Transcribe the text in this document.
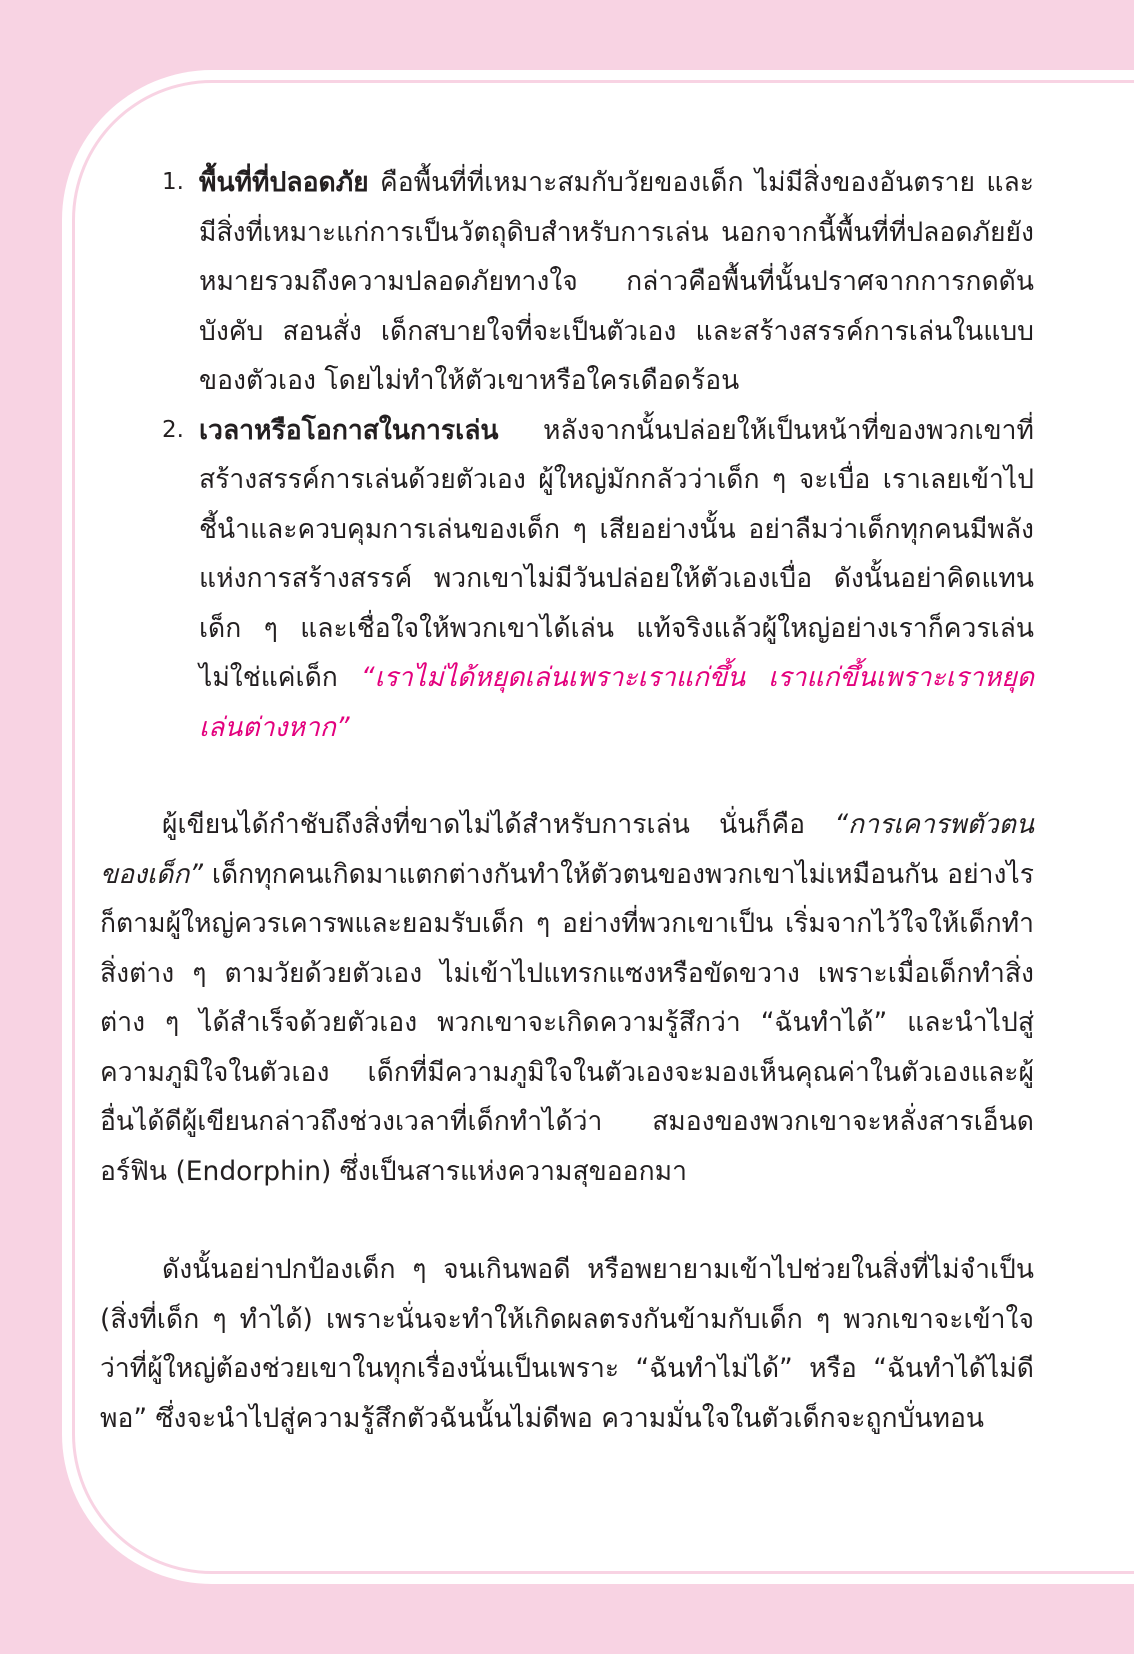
1. พื้นที่ที่ปลอดภัย คือพื้นที่ที่เหมาะสมกับวัยของเด็ก ไม่มีสิ่งของอันตราย และมีสิ่งที่เหมาะแก่การเป็นวัตถุดิบสำหรับการเล่น นอกจากนี้พื้นที่ที่ปลอดภัยยังหมายรวมถึงความปลอดภัยทางใจ กล่าวคือพื้นที่นั้นปราศจากการกดดัน บังคับ สอนสั่ง เด็กสบายใจที่จะเป็นตัวเอง และสร้างสรรค์การเล่นในแบบของตัวเอง โดยไม่ทำให้ตัวเขาหรือใครเดือดร้อน
2. เวลาหรือโอกาสในการเล่น หลังจากนั้นปล่อยให้เป็นหน้าที่ของพวกเขาที่สร้างสรรค์การเล่นด้วยตัวเอง ผู้ใหญ่มักกลัวว่าเด็ก ๆ จะเบื่อ เราเลยเข้าไปชี้นำและควบคุมการเล่นของเด็ก ๆ เสียอย่างนั้น อย่าลืมว่าเด็กทุกคนมีพลังแห่งการสร้างสรรค์ พวกเขาไม่มีวันปล่อยให้ตัวเองเบื่อ ดังนั้นอย่าคิดแทนเด็ก ๆ และเชื่อใจให้พวกเขาได้เล่น แท้จริงแล้วผู้ใหญ่อย่างเราก็ควรเล่นไม่ใช่แค่เด็ก “เราไม่ได้หยุดเล่นเพราะเราแก่ขึ้น เราแก่ขึ้นเพราะเราหยุดเล่นต่างหาก”

ผู้เขียนได้กำชับถึงสิ่งที่ขาดไม่ได้สำหรับการเล่น นั่นก็คือ “การเคารพตัวตนของเด็ก” เด็กทุกคนเกิดมาแตกต่างกันทำให้ตัวตนของพวกเขาไม่เหมือนกัน อย่างไรก็ตามผู้ใหญ่ควรเคารพและยอมรับเด็ก ๆ อย่างที่พวกเขาเป็น เริ่มจากไว้ใจให้เด็กทำสิ่งต่าง ๆ ตามวัยด้วยตัวเอง ไม่เข้าไปแทรกแซงหรือขัดขวาง เพราะเมื่อเด็กทำสิ่งต่าง ๆ ได้สำเร็จด้วยตัวเอง พวกเขาจะเกิดความรู้สึกว่า “ฉันทำได้” และนำไปสู่ความภูมิใจในตัวเอง เด็กที่มีความภูมิใจในตัวเองจะมองเห็นคุณค่าในตัวเองและผู้อื่นได้ดีผู้เขียนกล่าวถึงช่วงเวลาที่เด็กทำได้ว่า สมองของพวกเขาจะหลั่งสารเอ็นดอร์ฟิน (Endorphin) ซึ่งเป็นสารแห่งความสุขออกมา

ดังนั้นอย่าปกป้องเด็ก ๆ จนเกินพอดี หรือพยายามเข้าไปช่วยในสิ่งที่ไม่จำเป็น (สิ่งที่เด็ก ๆ ทำได้) เพราะนั่นจะทำให้เกิดผลตรงกันข้ามกับเด็ก ๆ พวกเขาจะเข้าใจว่าที่ผู้ใหญ่ต้องช่วยเขาในทุกเรื่องนั่นเป็นเพราะ “ฉันทำไม่ได้” หรือ “ฉันทำได้ไม่ดีพอ” ซึ่งจะนำไปสู่ความรู้สึกตัวฉันนั้นไม่ดีพอ ความมั่นใจในตัวเด็กจะถูกบั่นทอน
